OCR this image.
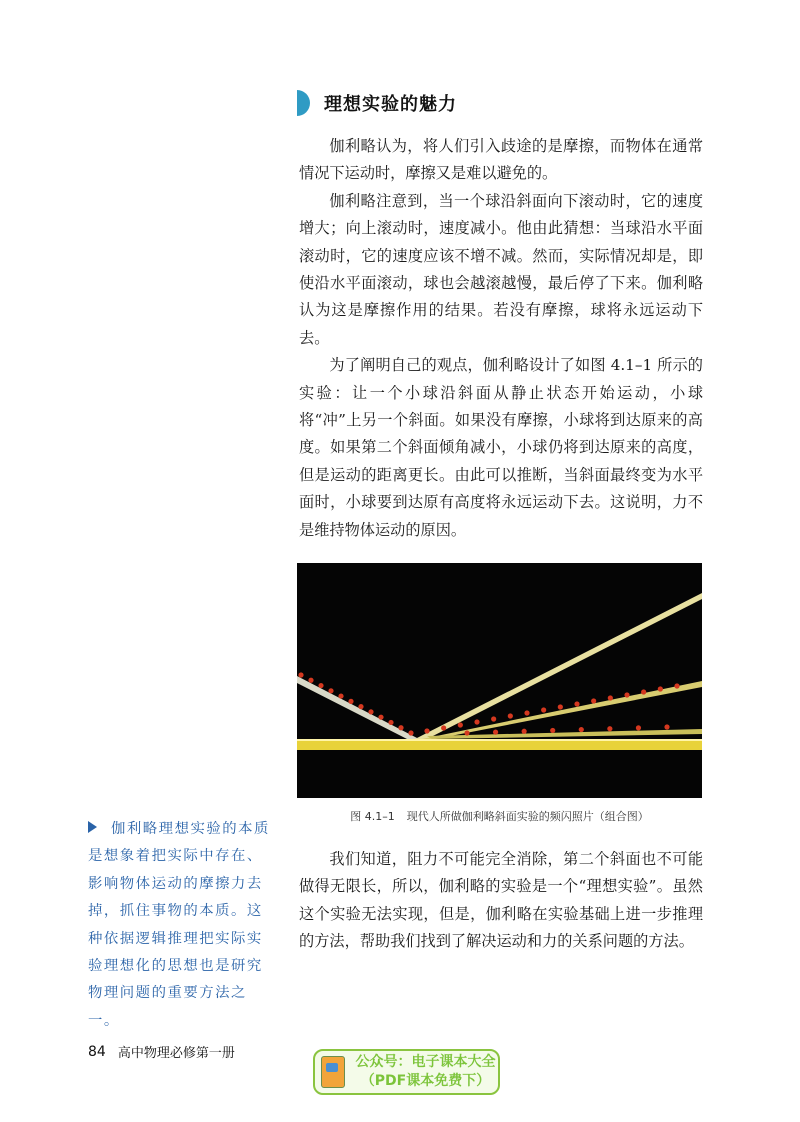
理想实验的魅力

伽利略认为，将人们引入歧途的是摩擦，而物体在通常情况下运动时，摩擦又是难以避免的。

伽利略注意到，当一个球沿斜面向下滚动时，它的速度增大；向上滚动时，速度减小。他由此猜想：当球沿水平面滚动时，它的速度应该不增不减。然而，实际情况却是，即使沿水平面滚动，球也会越滚越慢，最后停了下来。伽利略认为这是摩擦作用的结果。若没有摩擦，球将永远运动下去。

为了阐明自己的观点，伽利略设计了如图 4.1–1 所示的实验：让一个小球沿斜面从静止状态开始运动，小球将“冲”上另一个斜面。如果没有摩擦，小球将到达原来的高度。如果第二个斜面倾角减小，小球仍将到达原来的高度，但是运动的距离更长。由此可以推断，当斜面最终变为水平面时，小球要到达原有高度将永远运动下去。这说明，力不是维持物体运动的原因。

图 4.1–1 现代人所做伽利略斜面实验的频闪照片（组合图）
伽利略理想实验的本质是想象着把实际中存在、影响物体运动的摩擦力去掉，抓住事物的本质。这种依据逻辑推理把实际实验理想化的思想也是研究物理问题的重要方法之一。

我们知道，阻力不可能完全消除，第二个斜面也不可能做得无限长，所以，伽利略的实验是一个“理想实验”。虽然这个实验无法实现，但是，伽利略在实验基础上进一步推理的方法，帮助我们找到了解决运动和力的关系问题的方法。

84 高中物理必修第一册
公众号：电子课本大全
（PDF课本免费下）
